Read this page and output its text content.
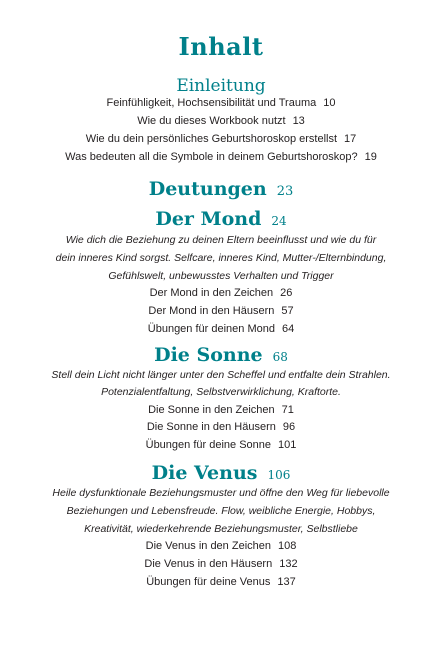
Inhalt
Einleitung
Feinfühligkeit, Hochsensibilität und Trauma 10
Wie du dieses Workbook nutzt 13
Wie du dein persönliches Geburtshoroskop erstellst 17
Was bedeuten all die Symbole in deinem Geburtshoroskop? 19
Deutungen 23
Der Mond 24
Wie dich die Beziehung zu deinen Eltern beeinflusst und wie du für
dein inneres Kind sorgst. Selfcare, inneres Kind, Mutter-/Elternbindung,
Gefühlswelt, unbewusstes Verhalten und Trigger
Der Mond in den Zeichen 26
Der Mond in den Häusern 57
Übungen für deinen Mond 64
Die Sonne 68
Stell dein Licht nicht länger unter den Scheffel und entfalte dein Strahlen.
Potenzialentfaltung, Selbstverwirklichung, Kraftorte.
Die Sonne in den Zeichen 71
Die Sonne in den Häusern 96
Übungen für deine Sonne 101
Die Venus 106
Heile dysfunktionale Beziehungsmuster und öffne den Weg für liebevolle
Beziehungen und Lebensfreude. Flow, weibliche Energie, Hobbys,
Kreativität, wiederkehrende Beziehungsmuster, Selbstliebe
Die Venus in den Zeichen 108
Die Venus in den Häusern 132
Übungen für deine Venus 137
